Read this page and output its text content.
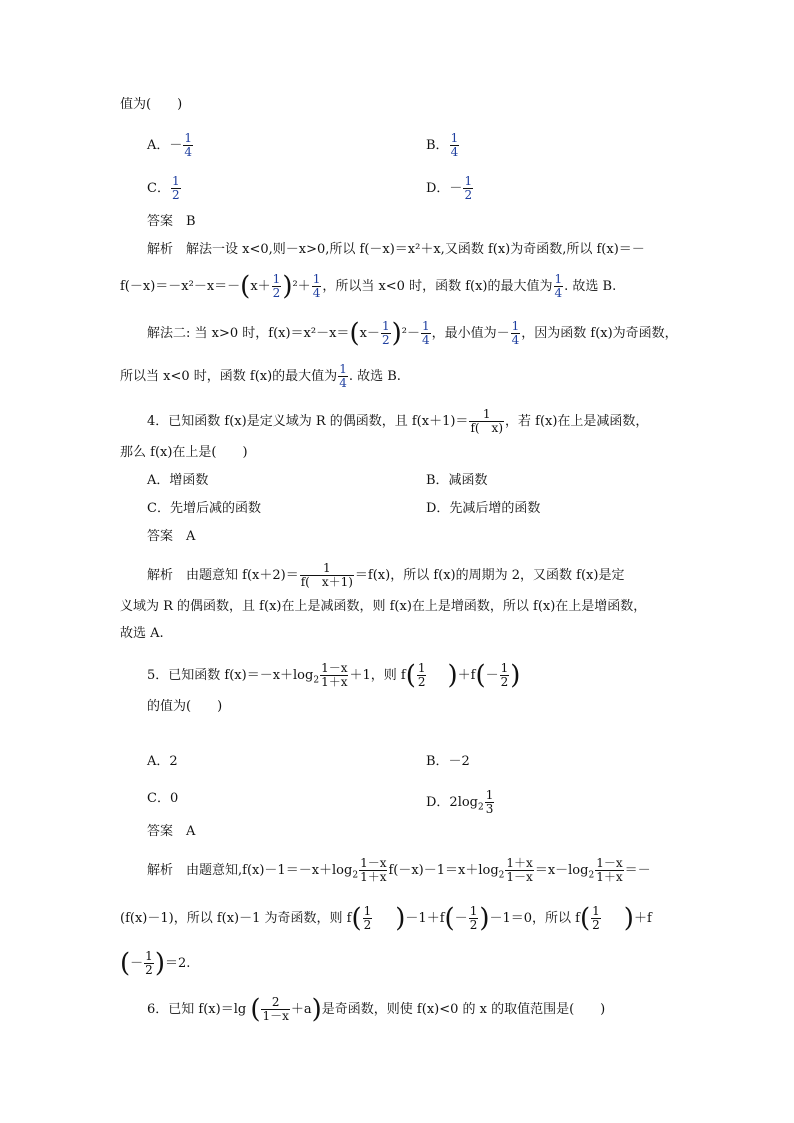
值为(　　)
A．－ $\frac{1}{4}$	B． $\frac{1}{4}$
C． $\frac{1}{2}$	D．－ $\frac{1}{2}$
答案　B
解析　解法一设 x<0,则－x>0,所以 f(－x)＝x²＋x,又函数 f(x)为奇函数,所以 f(x)＝－
$f(-x)=-x^2-x=-(x+ \frac{1}{2} )^2+ \frac{1}{4}$ ，所以当 x<0 时，函数 f(x)的最大值为 $\frac{1}{4}$ . 故选 B.
解法二: 当 x>0 时，$f(x)=x^2-x=(x- \frac{1}{2} )^2- \frac{1}{4}$ ，最小值为－ $\frac{1}{4}$ ，因为函数 f(x)为奇函数，
所以当 x<0 时，函数 f(x)的最大值为 $\frac{1}{4}$ . 故选 B.
4．已知函数 f(x)是定义域为 R 的偶函数，且 $f(x+1)= \frac{1}{f( x)}$ ，若 f(x)在上是减函数，
那么 f(x)在上是(　　)
A．增函数	B．减函数
C．先增后减的函数	D．先减后增的函数
答案　A
解析　由题意知 $f(x+2)= \frac{1}{f( x+1)} =f(x)$，所以 f(x)的周期为 2，又函数 f(x)是定
义域为 R 的偶函数，且 f(x)在上是减函数，则 f(x)在上是增函数，所以 f(x)在上是增函数，
故选 A.
5．已知函数 $f(x)=-x+\log_2 \frac{1-x}{1+x} +1$，则 $f( \frac{1}{2} )+f(- \frac{1}{2}$ )
的值为(　　)
A．2	B．－2
C．0	D．$2\log_2 \frac{1}{3}$
答案　A
解析　由题意知$,f(x)-1=-x+\log_2 \frac{1-x}{1+x} f(-x)-1=x+\log_2 \frac{1+x}{1-x} =x-\log_2 \frac{1-x}{1+x}$ ＝－
(f(x)－1)，所以 f(x)－1 为奇函数，则 $f( \frac{1}{2} )-1+f(- \frac{1}{2} )-1=0$，所以 $f( \frac{1}{2} )+f$
(－ $\frac{1}{2} )=2$.
6．已知 f(x)＝lg ( $\frac{2}{1-x} +a$)是奇函数，则使 f(x)<0 的 x 的取值范围是(　　)
